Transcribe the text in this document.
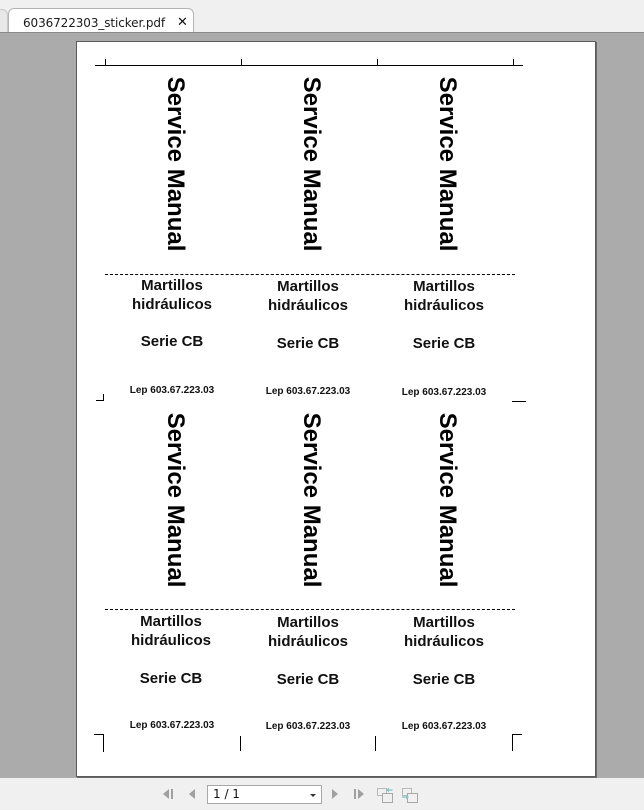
6036722303_sticker.pdf ✕
Service Manual	Service Manual	Service Manual
Martillos
hidráulicos
Martillos
hidráulicos
Martillos
hidráulicos
Serie CB	Serie CB	Serie CB
Lep 603.67.223.03	Lep 603.67.223.03	Lep 603.67.223.03
Service Manual	Service Manual	Service Manual
Martillos
hidráulicos
Martillos
hidráulicos
Martillos
hidráulicos
Serie CB	Serie CB	Serie CB
Lep 603.67.223.03	Lep 603.67.223.03	Lep 603.67.223.03
1 / 1
